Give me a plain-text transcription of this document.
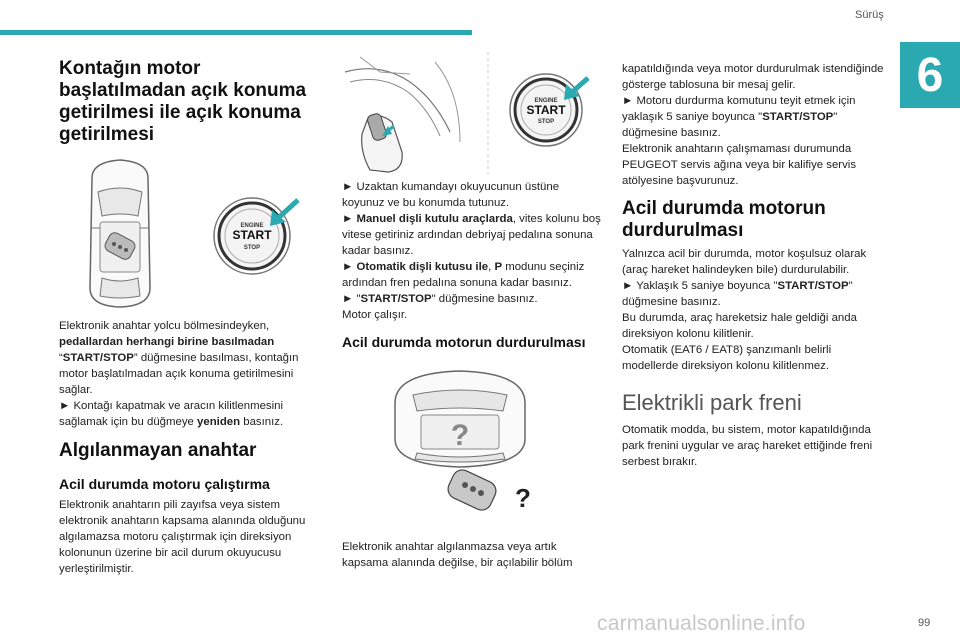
Sürüş
6
Kontağın motor başlatılmadan açık konuma getirilmesi ile açık konuma getirilmesi
ENGINE
START
STOP

Elektronik anahtar yolcu bölmesindeyken, pedallardan herhangi birine basılmadan

“START/STOP” düğmesine basılması, kontağın motor başlatılmadan açık konuma getirilmesini sağlar.

► Kontağı kapatmak ve aracın kilitlenmesini sağlamak için bu düğmeye yeniden basınız.

Algılanmayan anahtar
Acil durumda motoru çalıştırma
Elektronik anahtarın pili zayıfsa veya sistem elektronik anahtarın kapsama alanında olduğunu algılamazsa motoru çalıştırmak için direksiyon kolonunun üzerine bir acil durum okuyucusu yerleştirilmiştir.
ENGINE
START
STOP

► Uzaktan kumandayı okuyucunun üstüne koyunuz ve bu konumda tutunuz.

► Manuel dişli kutulu araçlarda, vites kolunu boş vitese getiriniz ardından debriyaj pedalına sonuna kadar basınız.

► Otomatik dişli kutusu ile, P modunu seçiniz ardından fren pedalına sonuna kadar basınız.

► "START/STOP" düğmesine basınız.

Motor çalışır.

Acil durumda motorun durdurulması
?
?
Elektronik anahtar algılanmazsa veya artık kapsama alanında değilse, bir açılabilir bölüm

kapatıldığında veya motor durdurulmak istendiğinde gösterge tablosuna bir mesaj gelir.

► Motoru durdurma komutunu teyit etmek için yaklaşık 5 saniye boyunca "START/STOP" düğmesine basınız.

Elektronik anahtarın çalışmaması durumunda PEUGEOT servis ağına veya bir kalifiye servis atölyesine başvurunuz.

Acil durumda motorun durdurulması

Yalnızca acil bir durumda, motor koşulsuz olarak (araç hareket halindeyken bile) durdurulabilir.

► Yaklaşık 5 saniye boyunca "START/STOP" düğmesine basınız.

Bu durumda, araç hareketsiz hale geldiği anda direksiyon kolonu kilitlenir.

Otomatik (EAT6 / EAT8) şanzımanlı belirli modellerde direksiyon kolonu kilitlenmez.

Elektrikli park freni
Otomatik modda, bu sistem, motor kapatıldığında park frenini uygular ve araç hareket ettiğinde freni serbest bırakır.
carmanualsonline.info	99
